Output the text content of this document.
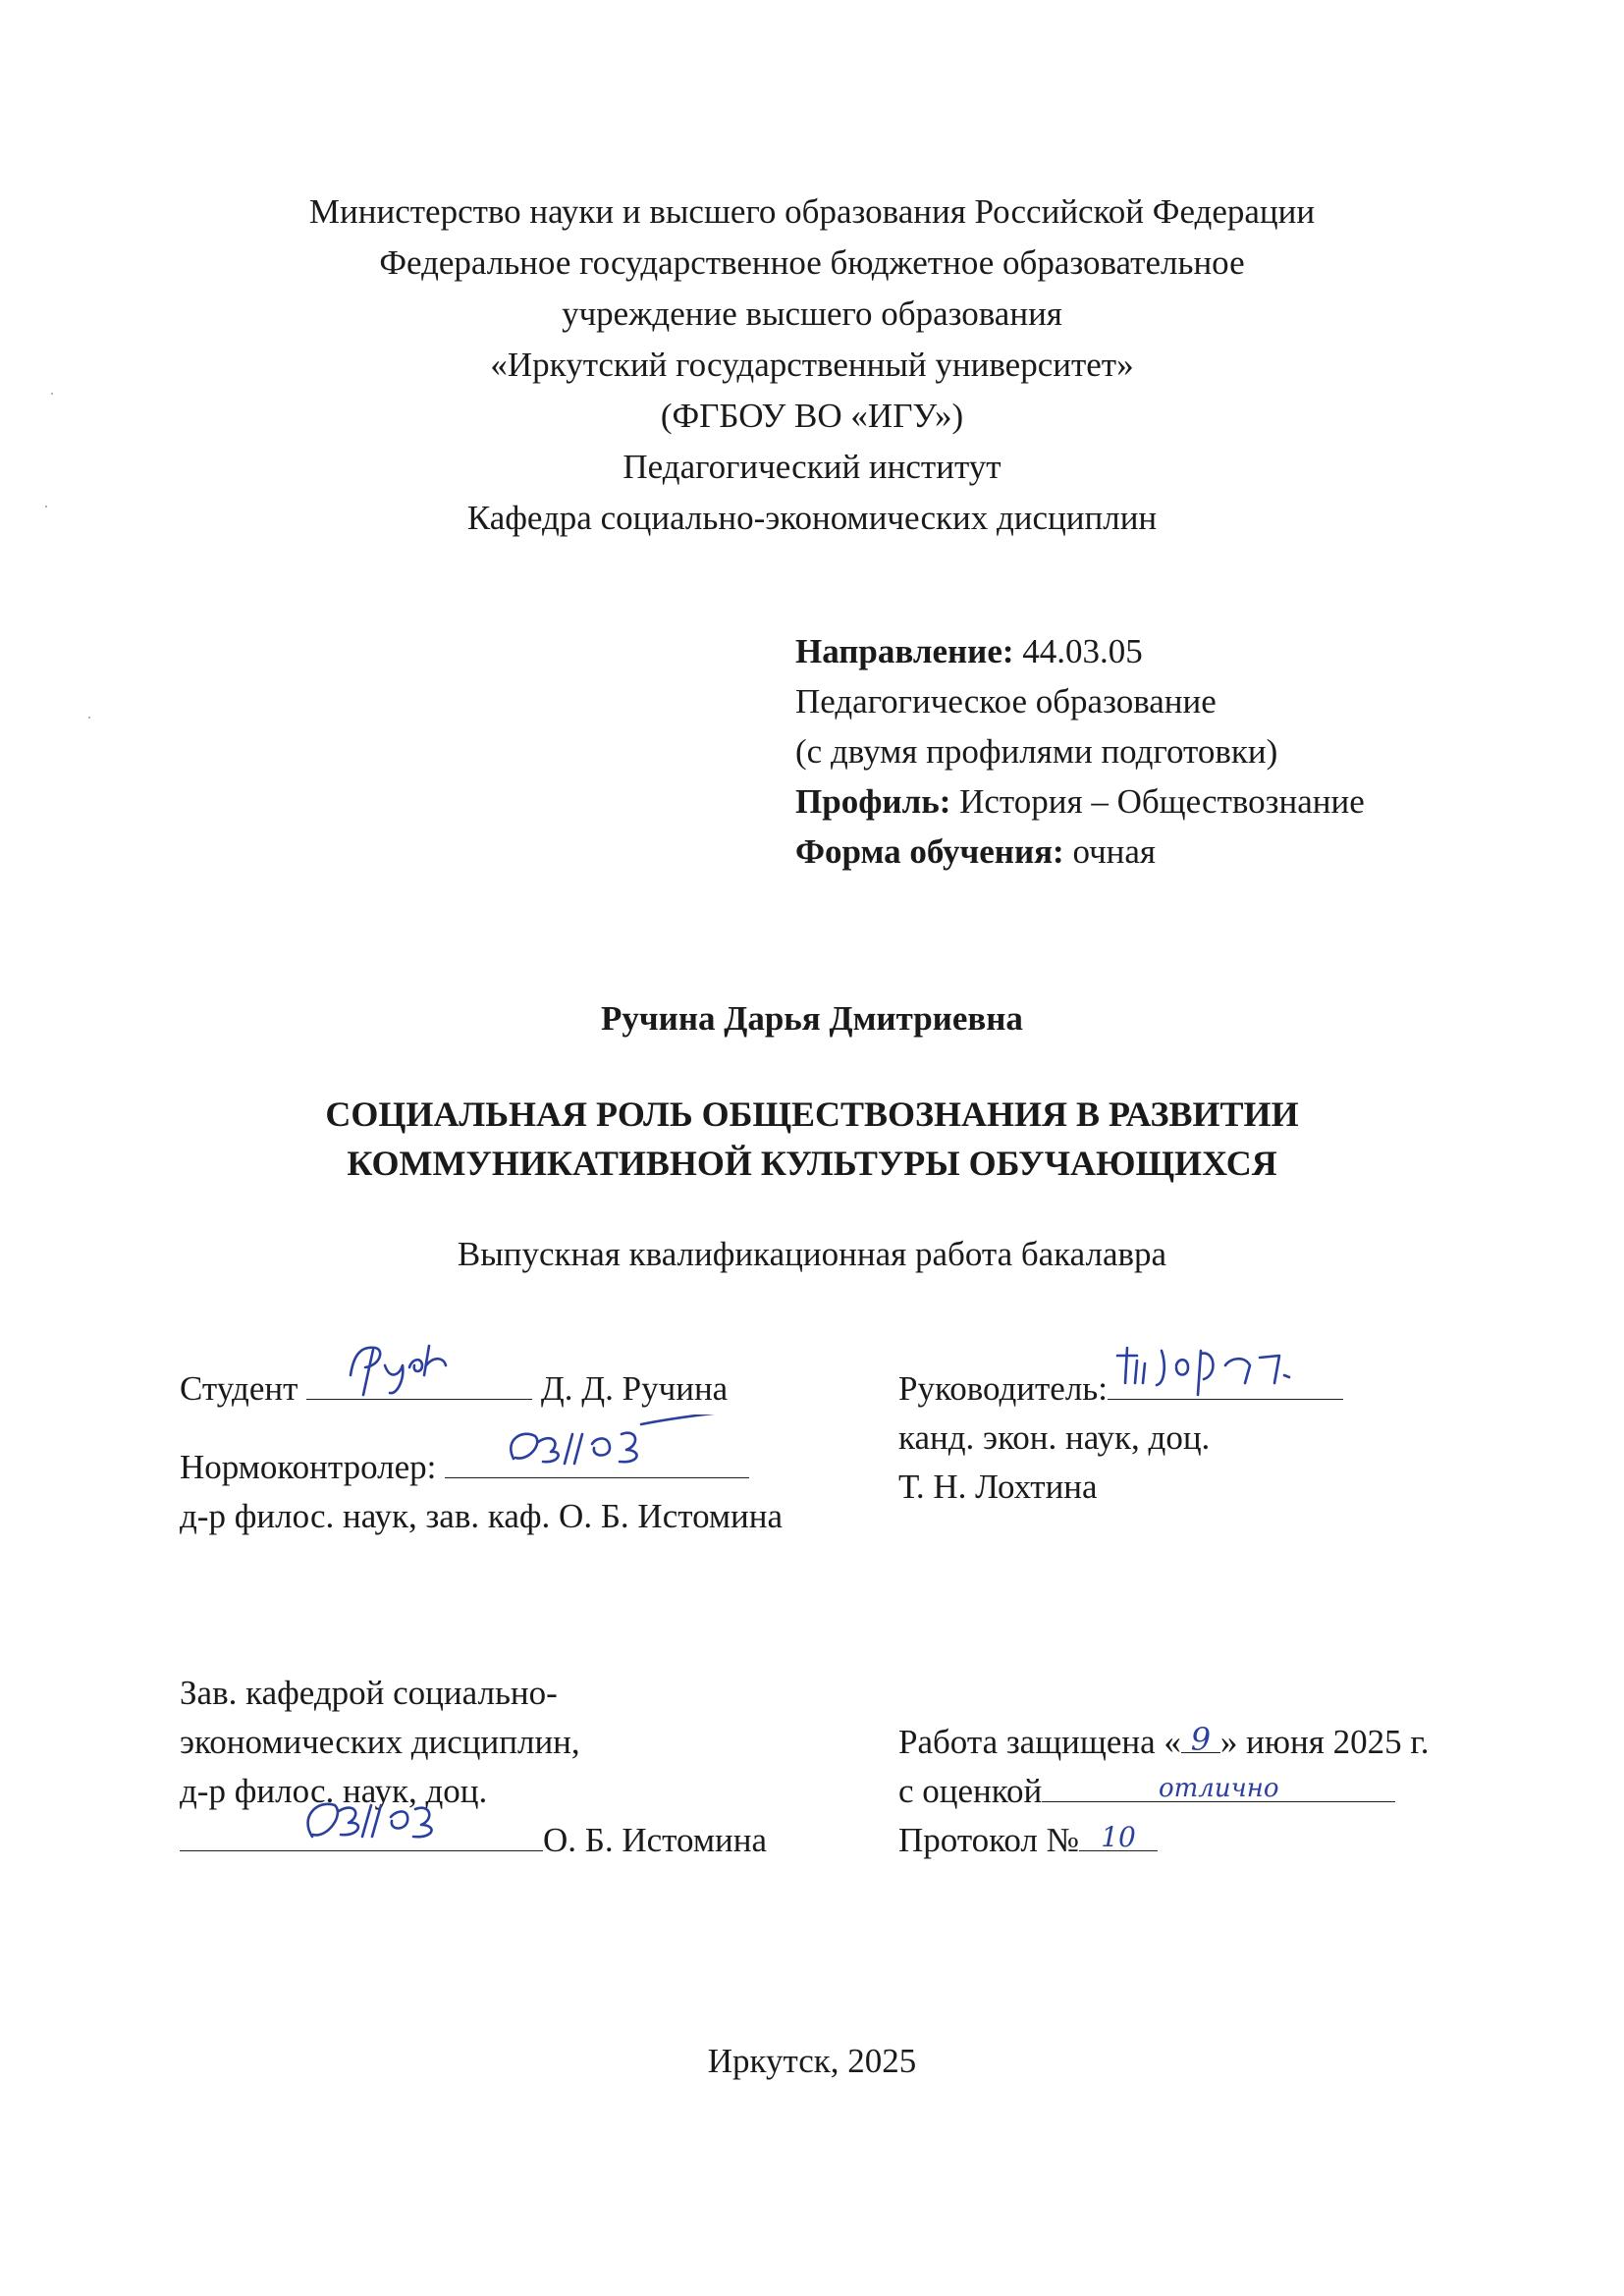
Министерство науки и высшего образования Российской Федерации
Федеральное государственное бюджетное образовательное
учреждение высшего образования
«Иркутский государственный университет»
(ФГБОУ ВО «ИГУ»)
Педагогический институт
Кафедра социально-экономических дисциплин
Направление: 44.03.05
Педагогическое образование
(с двумя профилями подготовки)
Профиль: История – Обществознание
Форма обучения: очная
Ручина Дарья Дмитриевна
СОЦИАЛЬНАЯ РОЛЬ ОБЩЕСТВОЗНАНИЯ В РАЗВИТИИ
КОММУНИКАТИВНОЙ КУЛЬТУРЫ ОБУЧАЮЩИХСЯ
Выпускная квалификационная работа бакалавра
Студент	Д. Д. Ручина	Руководитель:
канд. экон. наук, доц.
Т. Н. Лохтина
Нормоконтролер:
д-р филос. наук, зав. каф. О. Б. Истомина
Зав. кафедрой социально-
экономических дисциплин,
д-р филос. наук, доц.
О. Б. Истомина
Работа защищена « 9 » июня 2025 г.
с оценкой	отлично
Протокол № 10
Иркутск, 2025
